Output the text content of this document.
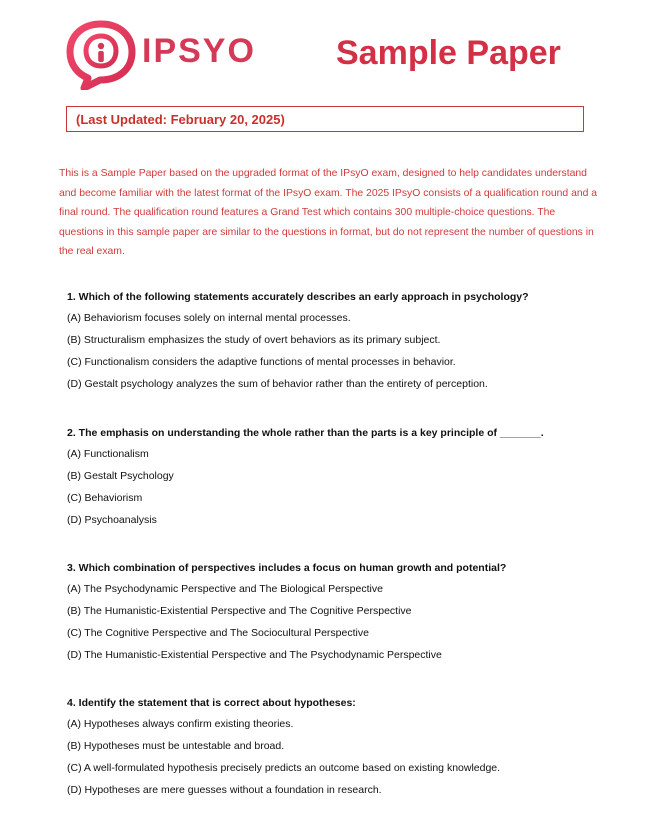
IPSYO Sample Paper
(Last Updated: February 20, 2025)
This is a Sample Paper based on the upgraded format of the IPsyO exam, designed to help candidates understand and become familiar with the latest format of the IPsyO exam. The 2025 IPsyO consists of a qualification round and a final round. The qualification round features a Grand Test which contains 300 multiple-choice questions. The questions in this sample paper are similar to the questions in format, but do not represent the number of questions in the real exam.
1. Which of the following statements accurately describes an early approach in psychology?
(A) Behaviorism focuses solely on internal mental processes.
(B) Structuralism emphasizes the study of overt behaviors as its primary subject.
(C) Functionalism considers the adaptive functions of mental processes in behavior.
(D) Gestalt psychology analyzes the sum of behavior rather than the entirety of perception.
2. The emphasis on understanding the whole rather than the parts is a key principle of _______.
(A) Functionalism
(B) Gestalt Psychology
(C) Behaviorism
(D) Psychoanalysis
3. Which combination of perspectives includes a focus on human growth and potential?
(A) The Psychodynamic Perspective and The Biological Perspective
(B) The Humanistic-Existential Perspective and The Cognitive Perspective
(C) The Cognitive Perspective and The Sociocultural Perspective
(D) The Humanistic-Existential Perspective and The Psychodynamic Perspective
4. Identify the statement that is correct about hypotheses:
(A) Hypotheses always confirm existing theories.
(B) Hypotheses must be untestable and broad.
(C) A well-formulated hypothesis precisely predicts an outcome based on existing knowledge.
(D) Hypotheses are mere guesses without a foundation in research.
